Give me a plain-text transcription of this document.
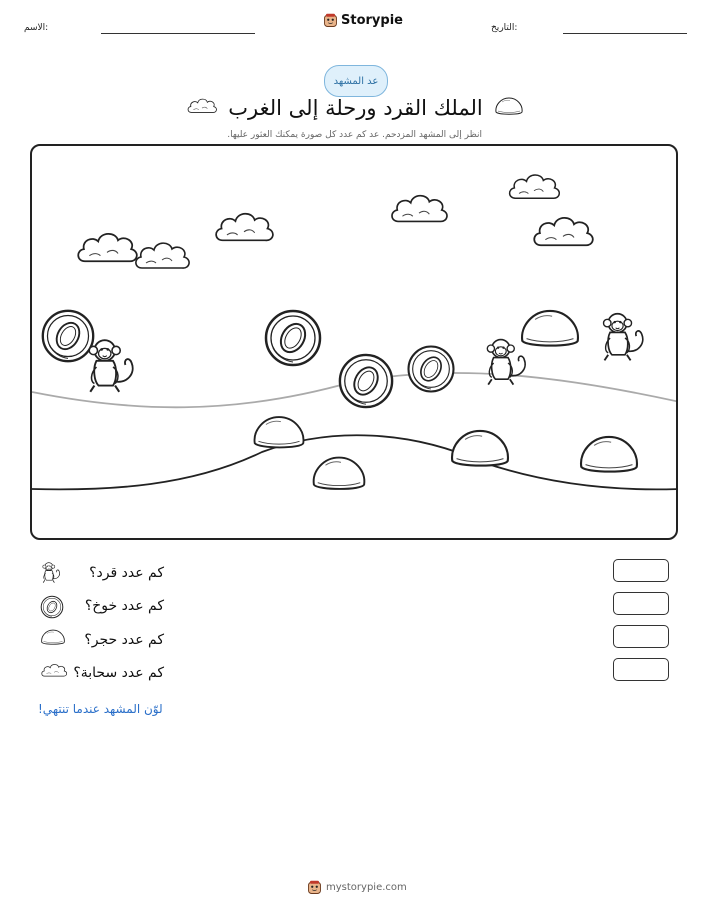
الاسم:	Storypie	التاريخ:
عد المشهد
الملك القرد ورحلة إلى الغرب
انظر إلى المشهد المزدحم. عد كم عدد كل صورة يمكنك العثور عليها.
كم عدد قرد؟
كم عدد خوخ؟
كم عدد حجر؟
كم عدد سحابة؟
لوّن المشهد عندما تنتهي!
mystorypie.com
